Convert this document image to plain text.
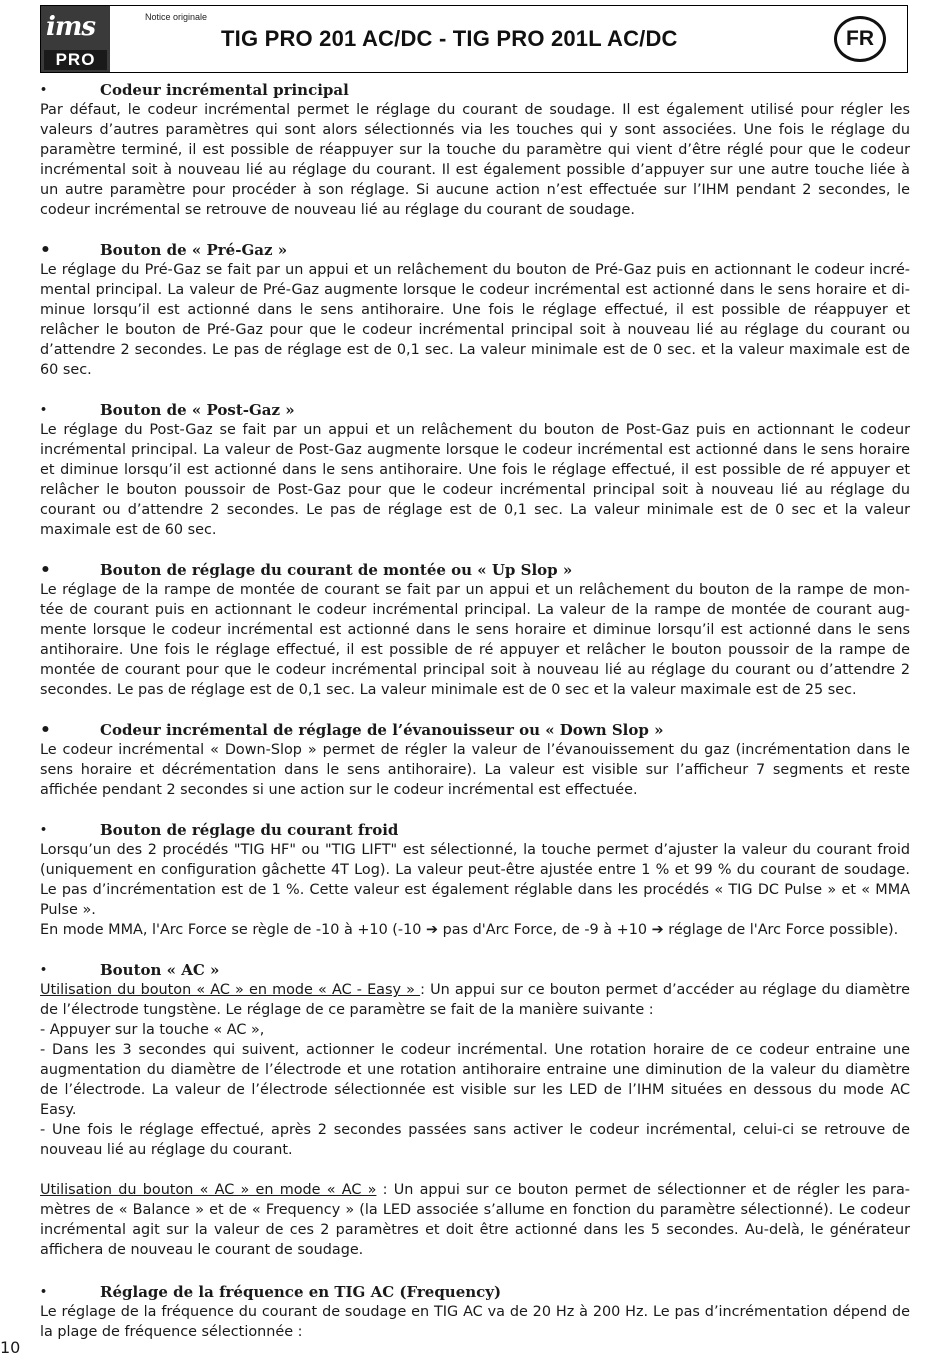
ims
PRO
Notice originale
TIG PRO 201 AC/DC - TIG PRO 201L AC/DC	FR
•	Codeur incrémental principal

Par défaut, le codeur incrémental permet le réglage du courant de soudage. Il est également utilisé pour régler les valeurs d’autres paramètres qui sont alors sélectionnés via les touches qui y sont associées. Une fois le réglage du paramètre terminé, il est possible de réappuyer sur la touche du paramètre qui vient d’être réglé pour que le codeur incrémental soit à nouveau lié au réglage du courant. Il est également possible d’appuyer sur une autre touche liée à un autre paramètre pour procéder à son réglage. Si aucune action n’est effectuée sur l’IHM pendant 2 secondes, le codeur incrémental se retrouve de nouveau lié au réglage du courant de soudage.

•	Bouton de « Pré-Gaz »

Le réglage du Pré-Gaz se fait par un appui et un relâchement du bouton de Pré-Gaz puis en actionnant le codeur incré-mental principal. La valeur de Pré-Gaz augmente lorsque le codeur incrémental est actionné dans le sens horaire et di-minue lorsqu’il est actionné dans le sens antihoraire. Une fois le réglage effectué, il est possible de réappuyer et relâcher le bouton de Pré-Gaz pour que le codeur incrémental principal soit à nouveau lié au réglage du courant ou d’attendre 2 secondes. Le pas de réglage est de 0,1 sec. La valeur minimale est de 0 sec. et la valeur maximale est de 60 sec.

•	Bouton de « Post-Gaz »

Le réglage du Post-Gaz se fait par un appui et un relâchement du bouton de Post-Gaz puis en actionnant le codeur incrémental principal. La valeur de Post-Gaz augmente lorsque le codeur incrémental est actionné dans le sens horaire et diminue lorsqu’il est actionné dans le sens antihoraire. Une fois le réglage effectué, il est possible de ré appuyer et relâcher le bouton poussoir de Post-Gaz pour que le codeur incrémental principal soit à nouveau lié au réglage du courant ou d’attendre 2 secondes. Le pas de réglage est de 0,1 sec. La valeur minimale est de 0 sec et la valeur maximale est de 60 sec.

•	Bouton de réglage du courant de montée ou « Up Slop »

Le réglage de la rampe de montée de courant se fait par un appui et un relâchement du bouton de la rampe de mon-tée de courant puis en actionnant le codeur incrémental principal. La valeur de la rampe de montée de courant aug-mente lorsque le codeur incrémental est actionné dans le sens horaire et diminue lorsqu’il est actionné dans le sens antihoraire. Une fois le réglage effectué, il est possible de ré appuyer et relâcher le bouton poussoir de la rampe de montée de courant pour que le codeur incrémental principal soit à nouveau lié au réglage du courant ou d’attendre 2 secondes. Le pas de réglage est de 0,1 sec. La valeur minimale est de 0 sec et la valeur maximale est de 25 sec.

•	Codeur incrémental de réglage de l’évanouisseur ou « Down Slop »

Le codeur incrémental « Down-Slop » permet de régler la valeur de l’évanouissement du gaz (incrémentation dans le sens horaire et décrémentation dans le sens antihoraire). La valeur est visible sur l’afficheur 7 segments et reste affichée pendant 2 secondes si une action sur le codeur incrémental est effectuée.

•	Bouton de réglage du courant froid

Lorsqu’un des 2 procédés "TIG HF" ou "TIG LIFT" est sélectionné, la touche permet d’ajuster la valeur du courant froid (uniquement en configuration gâchette 4T Log). La valeur peut-être ajustée entre 1 % et 99 % du courant de soudage. Le pas d’incrémentation est de 1 %. Cette valeur est également réglable dans les procédés « TIG DC Pulse » et « MMA Pulse ».

En mode MMA, l'Arc Force se règle de -10 à +10 (-10 ➔ pas d'Arc Force, de -9 à +10 ➔ réglage de l'Arc Force possible).

•	Bouton « AC »

Utilisation du bouton « AC » en mode « AC - Easy » : Un appui sur ce bouton permet d’accéder au réglage du diamètre de l’électrode tungstène. Le réglage de ce paramètre se fait de la manière suivante :

- Appuyer sur la touche « AC »,

- Dans les 3 secondes qui suivent, actionner le codeur incrémental. Une rotation horaire de ce codeur entraine une augmentation du diamètre de l’électrode et une rotation antihoraire entraine une diminution de la valeur du diamètre de l’électrode. La valeur de l’électrode sélectionnée est visible sur les LED de l’IHM situées en dessous du mode AC Easy.

- Une fois le réglage effectué, après 2 secondes passées sans activer le codeur incrémental, celui-ci se retrouve de nouveau lié au réglage du courant.

Utilisation du bouton « AC » en mode « AC » : Un appui sur ce bouton permet de sélectionner et de régler les para-mètres de « Balance » et de « Frequency » (la LED associée s’allume en fonction du paramètre sélectionné). Le codeur incrémental agit sur la valeur de ces 2 paramètres et doit être actionné dans les 5 secondes. Au-delà, le générateur affichera de nouveau le courant de soudage.

•	Réglage de la fréquence en TIG AC (Frequency)

Le réglage de la fréquence du courant de soudage en TIG AC va de 20 Hz à 200 Hz. Le pas d’incrémentation dépend de la plage de fréquence sélectionnée :

10
